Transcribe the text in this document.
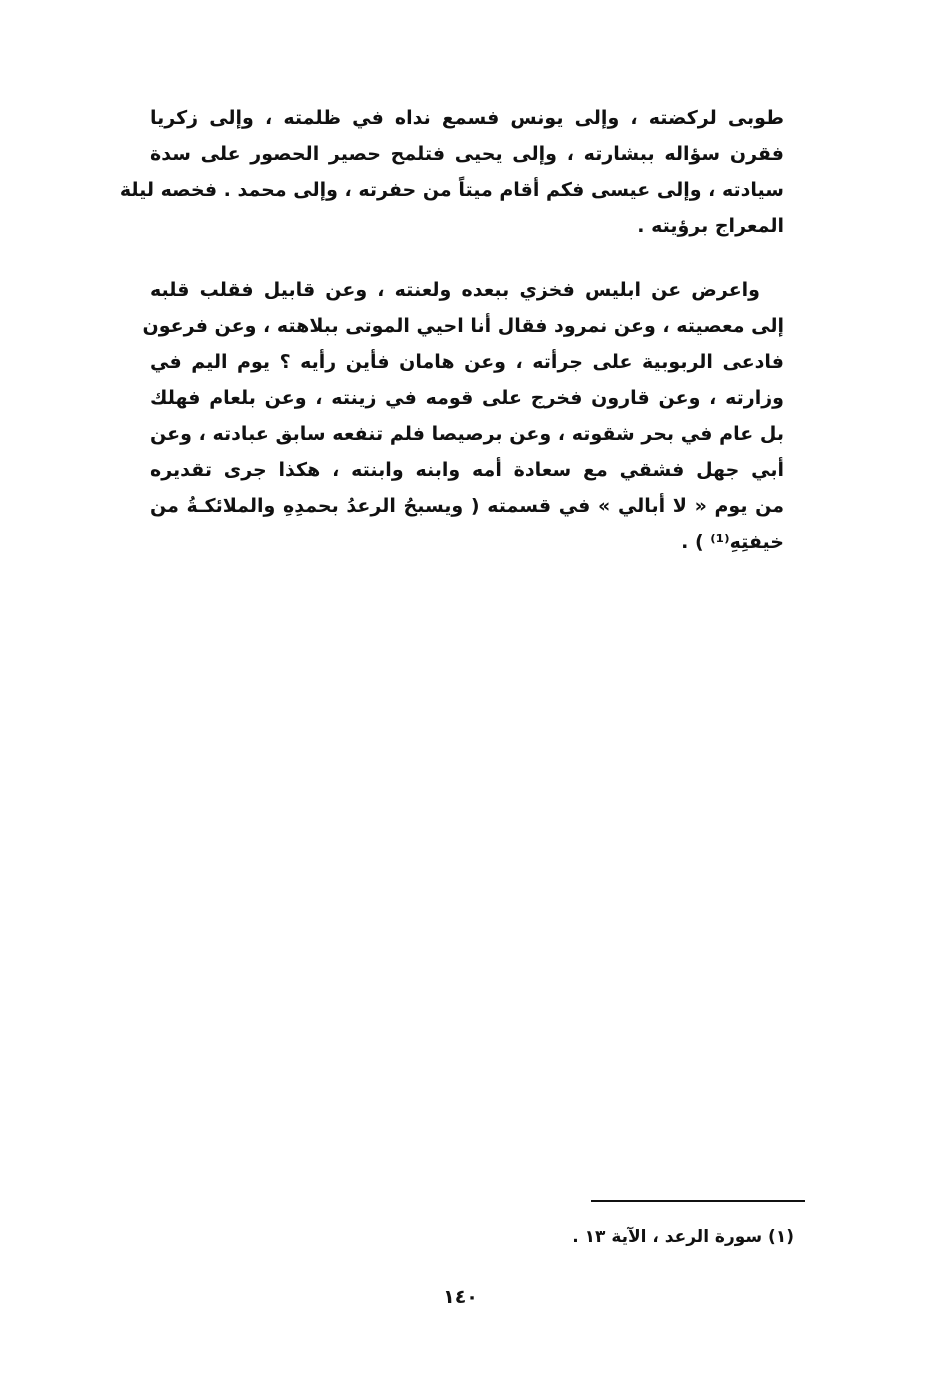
طوبى لركضته ، وإلى يونس فسمع نداه في ظلمته ، وإلى زكريا
فقرن سؤاله ببشارته ، وإلى يحيى فتلمح حصير الحصور على سدة
سيادته ، وإلى عيسى فكم أقام ميتاً من حفرته ، وإلى محمد . فخصه ليلة
المعراج برؤيته .
واعرض عن ابليس فخزي ببعده ولعنته ، وعن قابيل فقلب قلبه
إلى معصيته ، وعن نمرود فقال أنا احيي الموتى ببلاهته ، وعن فرعون
فادعى الربوبية على جرأته ، وعن هامان فأين رأيه ؟ يوم اليم في
وزارته ، وعن قارون فخرج على قومه في زينته ، وعن بلعام فهلك
بل عام في بحر شقوته ، وعن برصيصا فلم تنفعه سابق عبادته ، وعن
أبي جهل فشقي مع سعادة أمه وابنه وابنته ، هكذا جرى تقديره
من يوم « لا أبالي » في قسمته ( ويسبحُ الرعدُ بحمدِهِ والملائكـةُ من
خيفتِهِ⁽¹⁾ ) .
(١) سورة الرعد ، الآية ١٣ .
١٤٠
